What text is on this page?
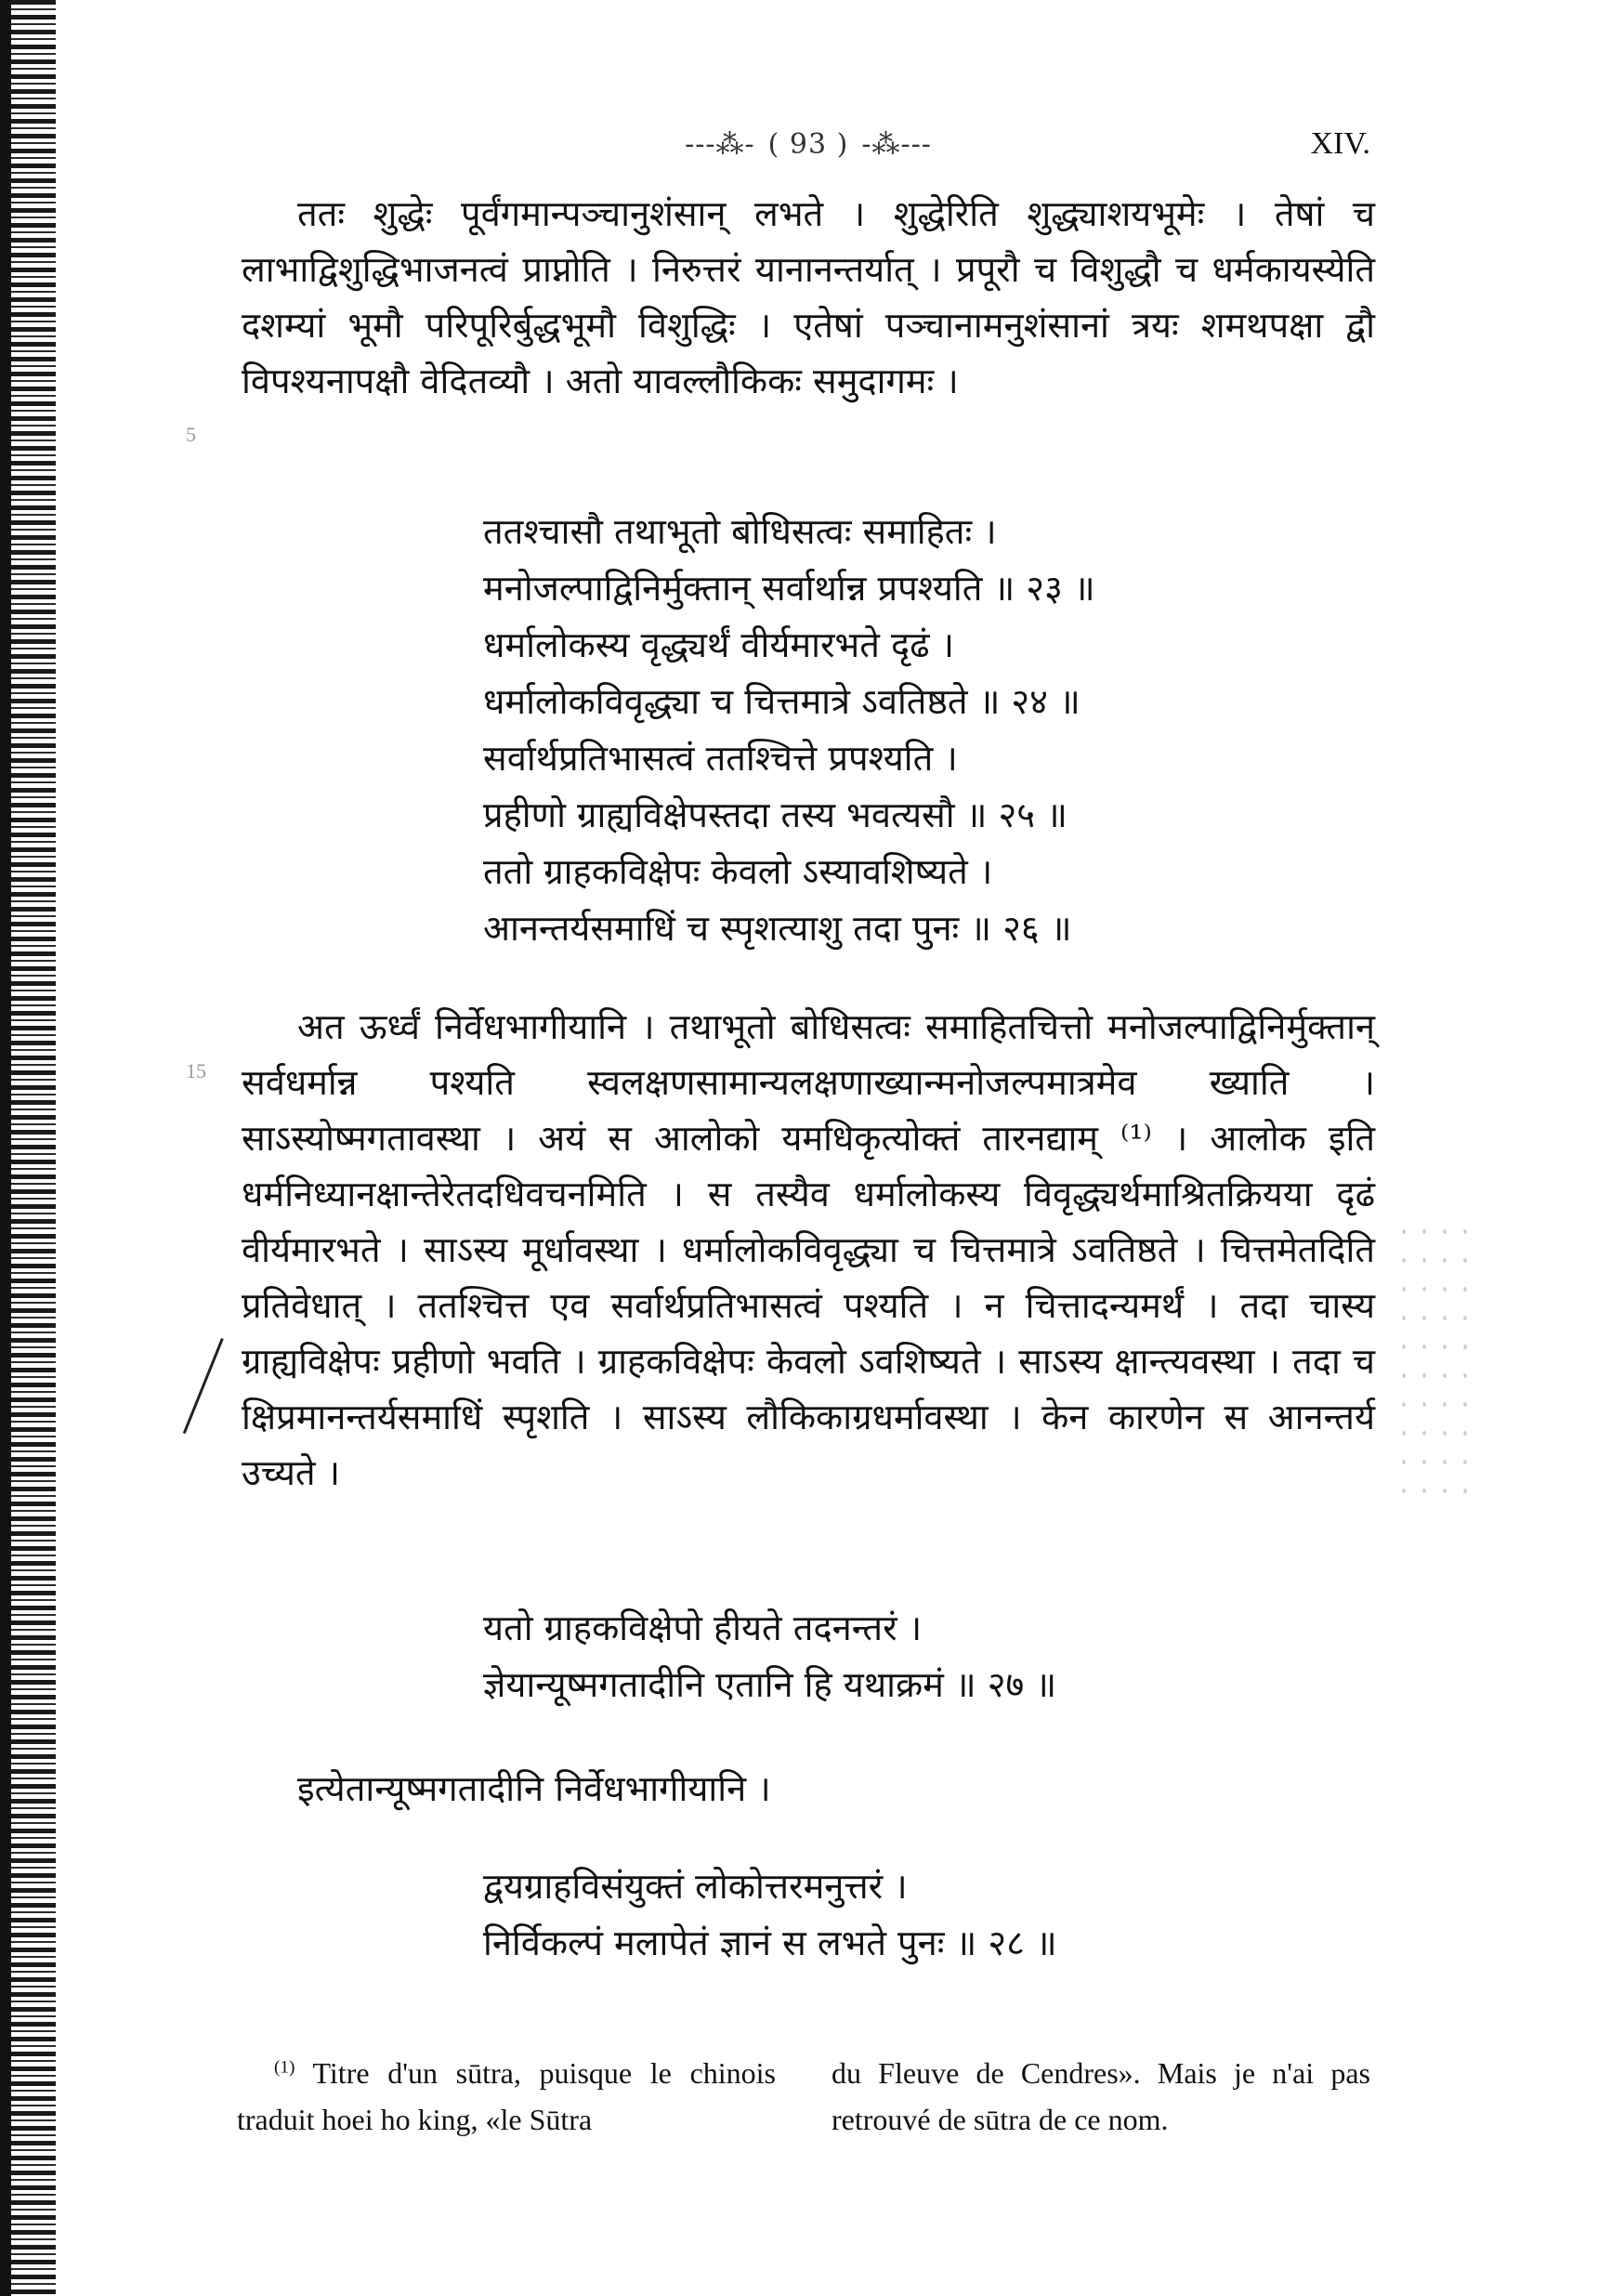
---⁂- ( 93 ) -⁂---	XIV.
5
15
ततः शुद्धेः पूर्वंगमान्पञ्चानुशंसान् लभते । शुद्धेरिति शुद्ध्याशयभूमेः । तेषां च लाभाद्विशुद्धिभाजनत्वं प्राप्नोति । निरुत्तरं यानानन्तर्यात् । प्रपूरौ च विशुद्धौ च धर्मकायस्येति दशम्यां भूमौ परिपूरिर्बुद्धभूमौ विशुद्धिः । एतेषां पञ्चानामनुशंसानां त्रयः शमथपक्षा द्वौ विपश्यनापक्षौ वेदितव्यौ । अतो यावल्लौकिकः समुदागमः ।
ततश्चासौ तथाभूतो बोधिसत्वः समाहितः ।
मनोजल्पाद्विनिर्मुक्तान् सर्वार्थान्न प्रपश्यति ॥ २३ ॥
धर्मालोकस्य वृद्ध्यर्थं वीर्यमारभते दृढं ।
धर्मालोकविवृद्ध्या च चित्तमात्रे ऽवतिष्ठते ॥ २४ ॥
सर्वार्थप्रतिभासत्वं ततश्चित्ते प्रपश्यति ।
प्रहीणो ग्राह्यविक्षेपस्तदा तस्य भवत्यसौ ॥ २५ ॥
ततो ग्राहकविक्षेपः केवलो ऽस्यावशिष्यते ।
आनन्तर्यसमाधिं च स्पृशत्याशु तदा पुनः ॥ २६ ॥
अत ऊर्ध्वं निर्वेधभागीयानि । तथाभूतो बोधिसत्वः समाहितचित्तो मनोजल्पाद्विनिर्मुक्तान् सर्वधर्मान्न पश्यति स्वलक्षणसामान्यलक्षणाख्यान्मनोजल्पमात्रमेव ख्याति । साऽस्योष्मगतावस्था । अयं स आलोको यमधिकृत्योक्तं तारनद्याम् ⁽¹⁾ । आलोक इति धर्मनिध्यानक्षान्तेरेतदधिवचनमिति । स तस्यैव धर्मालोकस्य विवृद्ध्यर्थमाश्रितक्रियया दृढं वीर्यमारभते । साऽस्य मूर्धावस्था । धर्मालोकविवृद्ध्या च चित्तमात्रे ऽवतिष्ठते । चित्तमेतदिति प्रतिवेधात् । ततश्चित्त एव सर्वार्थप्रतिभासत्वं पश्यति । न चित्तादन्यमर्थं । तदा चास्य ग्राह्यविक्षेपः प्रहीणो भवति । ग्राहकविक्षेपः केवलो ऽवशिष्यते । साऽस्य क्षान्त्यवस्था । तदा च क्षिप्रमानन्तर्यसमाधिं स्पृशति । साऽस्य लौकिकाग्रधर्मावस्था । केन कारणेन स आनन्तर्य उच्यते ।
यतो ग्राहकविक्षेपो हीयते तदनन्तरं ।
ज्ञेयान्यूष्मगतादीनि एतानि हि यथाक्रमं ॥ २७ ॥
इत्येतान्यूष्मगतादीनि निर्वेधभागीयानि ।
द्वयग्राहविसंयुक्तं लोकोत्तरमनुत्तरं ।
निर्विकल्पं मलापेतं ज्ञानं स लभते पुनः ॥ २८ ॥
$^{(1)}$ Titre d'un sūtra, puisque le chinois traduit hoei ho king, «le Sūtra
du Fleuve de Cendres». Mais je n'ai pas retrouvé de sūtra de ce nom.
